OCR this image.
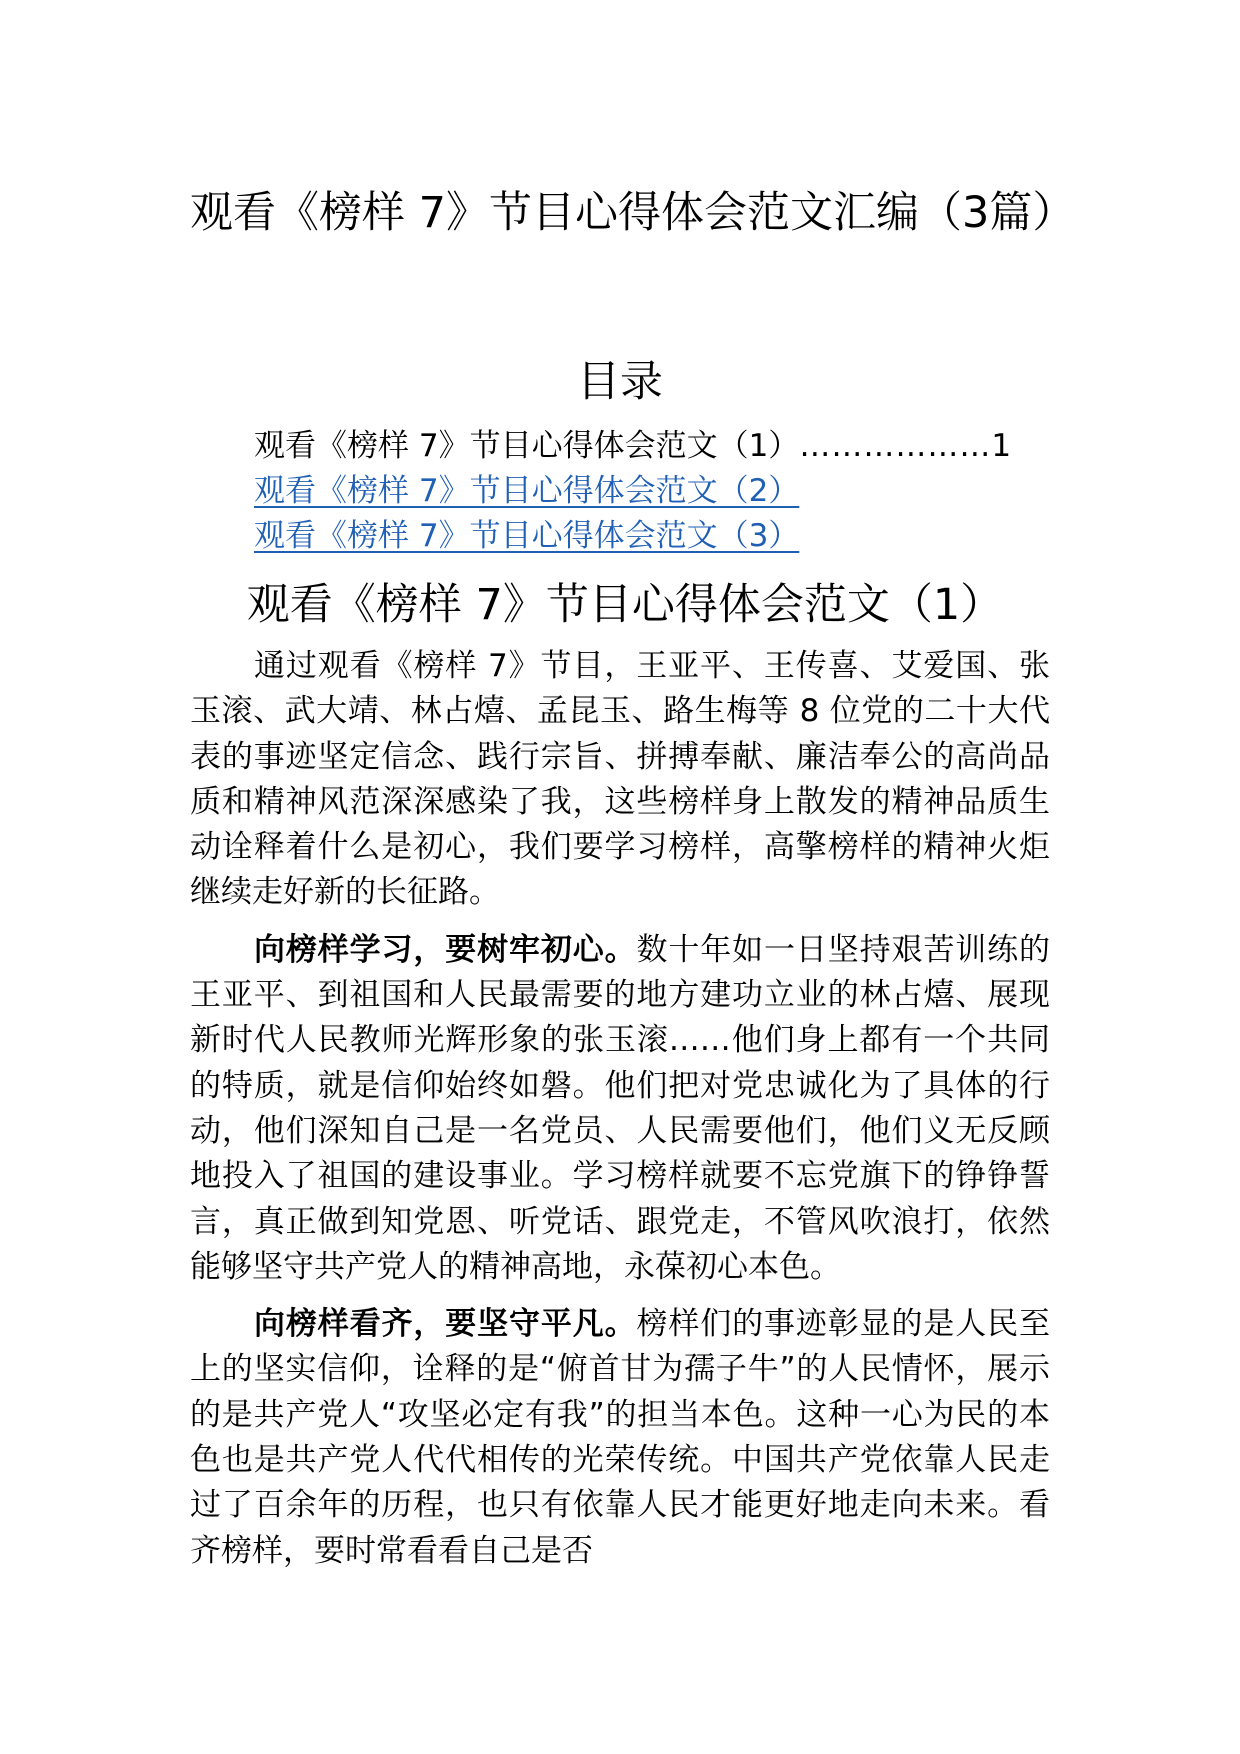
观看《榜样 7》节目心得体会范文汇编（3篇）
目录
观看《榜样 7》节目心得体会范文（1）………………1
观看《榜样 7》节目心得体会范文（2）
观看《榜样 7》节目心得体会范文（3）
观看《榜样 7》节目心得体会范文（1）

通过观看《榜样 7》节目，王亚平、王传喜、艾爱国、张玉滚、武大靖、林占熺、孟昆玉、路生梅等 8 位党的二十大代表的事迹坚定信念、践行宗旨、拼搏奉献、廉洁奉公的高尚品质和精神风范深深感染了我，这些榜样身上散发的精神品质生动诠释着什么是初心，我们要学习榜样，高擎榜样的精神火炬继续走好新的长征路。

向榜样学习，要树牢初心。数十年如一日坚持艰苦训练的王亚平、到祖国和人民最需要的地方建功立业的林占熺、展现新时代人民教师光辉形象的张玉滚……他们身上都有一个共同的特质，就是信仰始终如磐。他们把对党忠诚化为了具体的行动，他们深知自己是一名党员、人民需要他们，他们义无反顾地投入了祖国的建设事业。学习榜样就要不忘党旗下的铮铮誓言，真正做到知党恩、听党话、跟党走，不管风吹浪打，依然能够坚守共产党人的精神高地，永葆初心本色。

向榜样看齐，要坚守平凡。榜样们的事迹彰显的是人民至上的坚实信仰，诠释的是“俯首甘为孺子牛”的人民情怀，展示的是共产党人“攻坚必定有我”的担当本色。这种一心为民的本色也是共产党人代代相传的光荣传统。中国共产党依靠人民走过了百余年的历程，也只有依靠人民才能更好地走向未来。看齐榜样，要时常看看自己是否
